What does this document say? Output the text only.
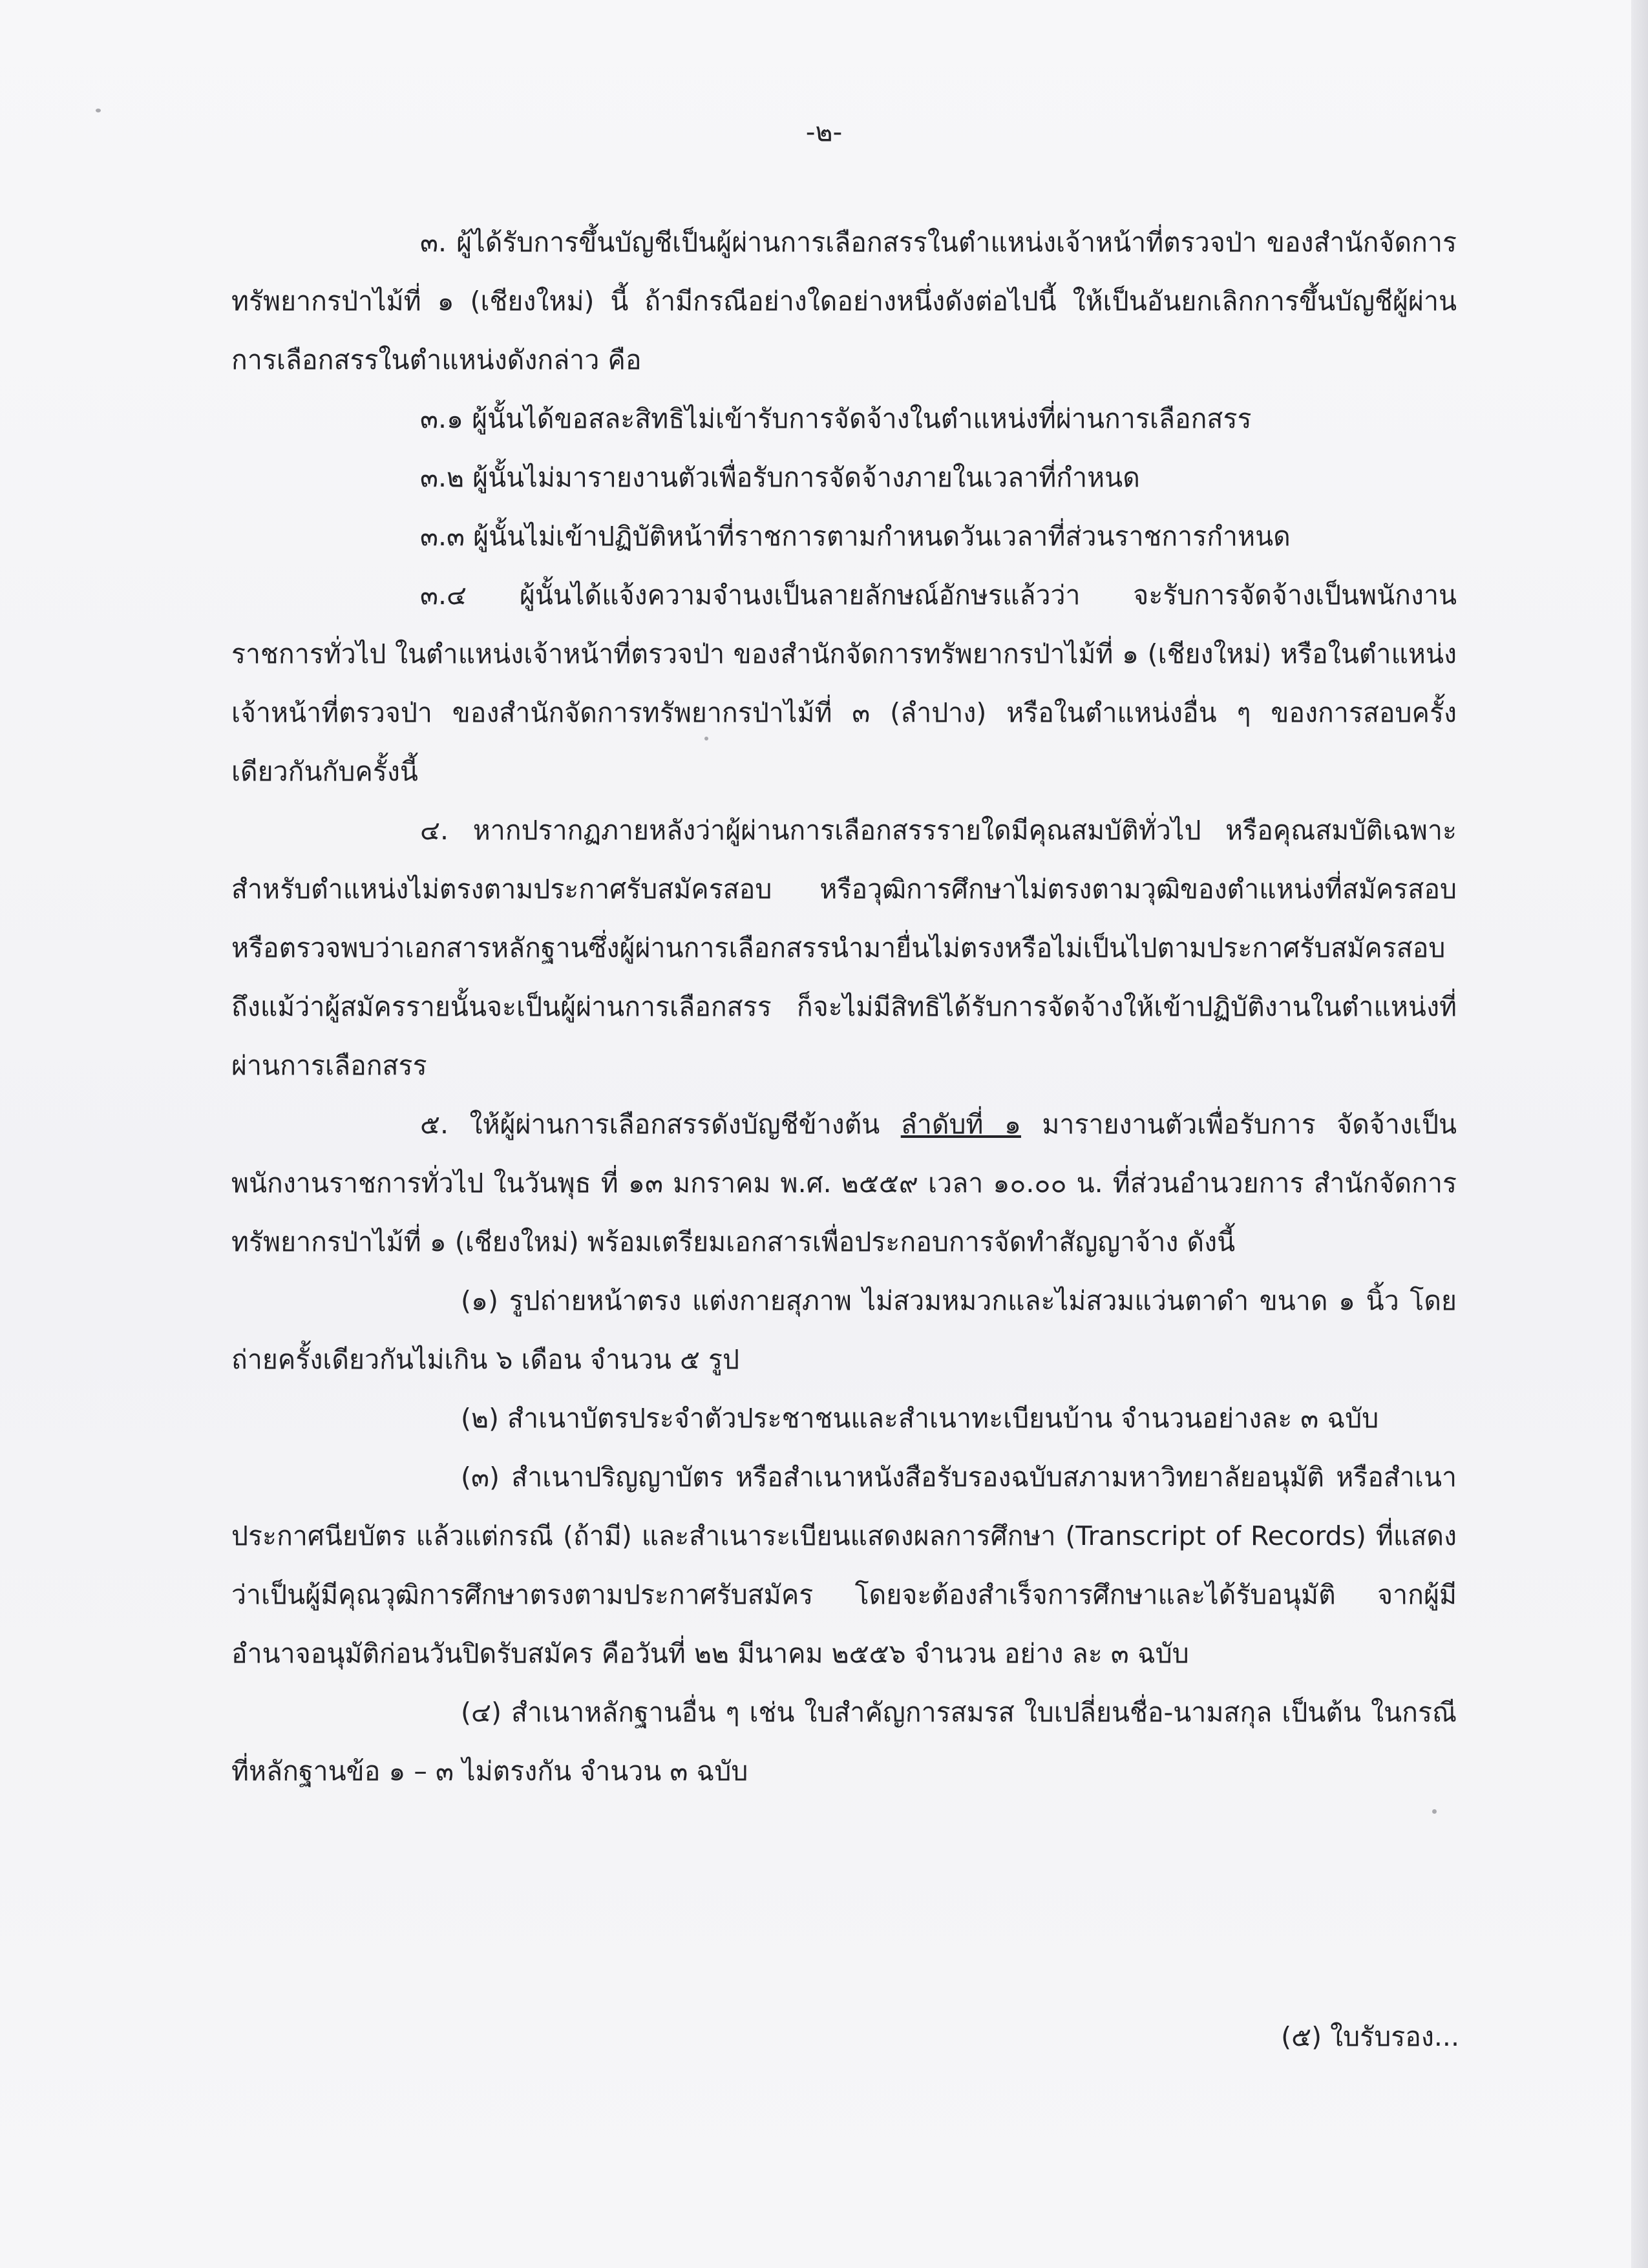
-๒-

๓. ผู้ได้รับการขึ้นบัญชีเป็นผู้ผ่านการเลือกสรรในตำแหน่งเจ้าหน้าที่ตรวจป่า ของสำนักจัดการทรัพยากรป่าไม้ที่ ๑ (เชียงใหม่) นี้ ถ้ามีกรณีอย่างใดอย่างหนึ่งดังต่อไปนี้ ให้เป็นอันยกเลิกการขึ้นบัญชีผู้ผ่านการเลือกสรรในตำแหน่งดังกล่าว คือ

๓.๑ ผู้นั้นได้ขอสละสิทธิไม่เข้ารับการจัดจ้างในตำแหน่งที่ผ่านการเลือกสรร

๓.๒ ผู้นั้นไม่มารายงานตัวเพื่อรับการจัดจ้างภายในเวลาที่กำหนด

๓.๓ ผู้นั้นไม่เข้าปฏิบัติหน้าที่ราชการตามกำหนดวันเวลาที่ส่วนราชการกำหนด

๓.๔ ผู้นั้นได้แจ้งความจำนงเป็นลายลักษณ์อักษรแล้วว่า จะรับการจัดจ้างเป็นพนักงานราชการทั่วไป ในตำแหน่งเจ้าหน้าที่ตรวจป่า ของสำนักจัดการทรัพยากรป่าไม้ที่ ๑ (เชียงใหม่) หรือในตำแหน่งเจ้าหน้าที่ตรวจป่า ของสำนักจัดการทรัพยากรป่าไม้ที่ ๓ (ลำปาง) หรือในตำแหน่งอื่น ๆ ของการสอบครั้งเดียวกันกับครั้งนี้

๔. หากปรากฏภายหลังว่าผู้ผ่านการเลือกสรรรายใดมีคุณสมบัติทั่วไป หรือคุณสมบัติเฉพาะสำหรับตำแหน่งไม่ตรงตามประกาศรับสมัครสอบ หรือวุฒิการศึกษาไม่ตรงตามวุฒิของตำแหน่งที่สมัครสอบ หรือตรวจพบว่าเอกสารหลักฐานซึ่งผู้ผ่านการเลือกสรรนำมายื่นไม่ตรงหรือไม่เป็นไปตามประกาศรับสมัครสอบ ถึงแม้ว่าผู้สมัครรายนั้นจะเป็นผู้ผ่านการเลือกสรร ก็จะไม่มีสิทธิได้รับการจัดจ้างให้เข้าปฏิบัติงานในตำแหน่งที่ผ่านการเลือกสรร

๕. ให้ผู้ผ่านการเลือกสรรดังบัญชีข้างต้น ลำดับที่ ๑ มารายงานตัวเพื่อรับการ จัดจ้างเป็นพนักงานราชการทั่วไป ในวันพุธ ที่ ๑๓ มกราคม พ.ศ. ๒๕๕๙ เวลา ๑๐.๐๐ น. ที่ส่วนอำนวยการ สำนักจัดการทรัพยากรป่าไม้ที่ ๑ (เชียงใหม่) พร้อมเตรียมเอกสารเพื่อประกอบการจัดทำสัญญาจ้าง ดังนี้

(๑) รูปถ่ายหน้าตรง แต่งกายสุภาพ ไม่สวมหมวกและไม่สวมแว่นตาดำ ขนาด ๑ นิ้ว โดยถ่ายครั้งเดียวกันไม่เกิน ๖ เดือน จำนวน ๕ รูป

(๒) สำเนาบัตรประจำตัวประชาชนและสำเนาทะเบียนบ้าน จำนวนอย่างละ ๓ ฉบับ

(๓) สำเนาปริญญาบัตร หรือสำเนาหนังสือรับรองฉบับสภามหาวิทยาลัยอนุมัติ หรือสำเนาประกาศนียบัตร แล้วแต่กรณี (ถ้ามี) และสำเนาระเบียนแสดงผลการศึกษา (Transcript of Records) ที่แสดงว่าเป็นผู้มีคุณวุฒิการศึกษาตรงตามประกาศรับสมัคร โดยจะต้องสำเร็จการศึกษาและได้รับอนุมัติ จากผู้มีอำนาจอนุมัติก่อนวันปิดรับสมัคร คือวันที่ ๒๒ มีนาคม ๒๕๕๖ จำนวน อย่าง ละ ๓ ฉบับ

(๔) สำเนาหลักฐานอื่น ๆ เช่น ใบสำคัญการสมรส ใบเปลี่ยนชื่อ-นามสกุล เป็นต้น ในกรณีที่หลักฐานข้อ ๑ – ๓ ไม่ตรงกัน จำนวน ๓ ฉบับ

(๕) ใบรับรอง...
